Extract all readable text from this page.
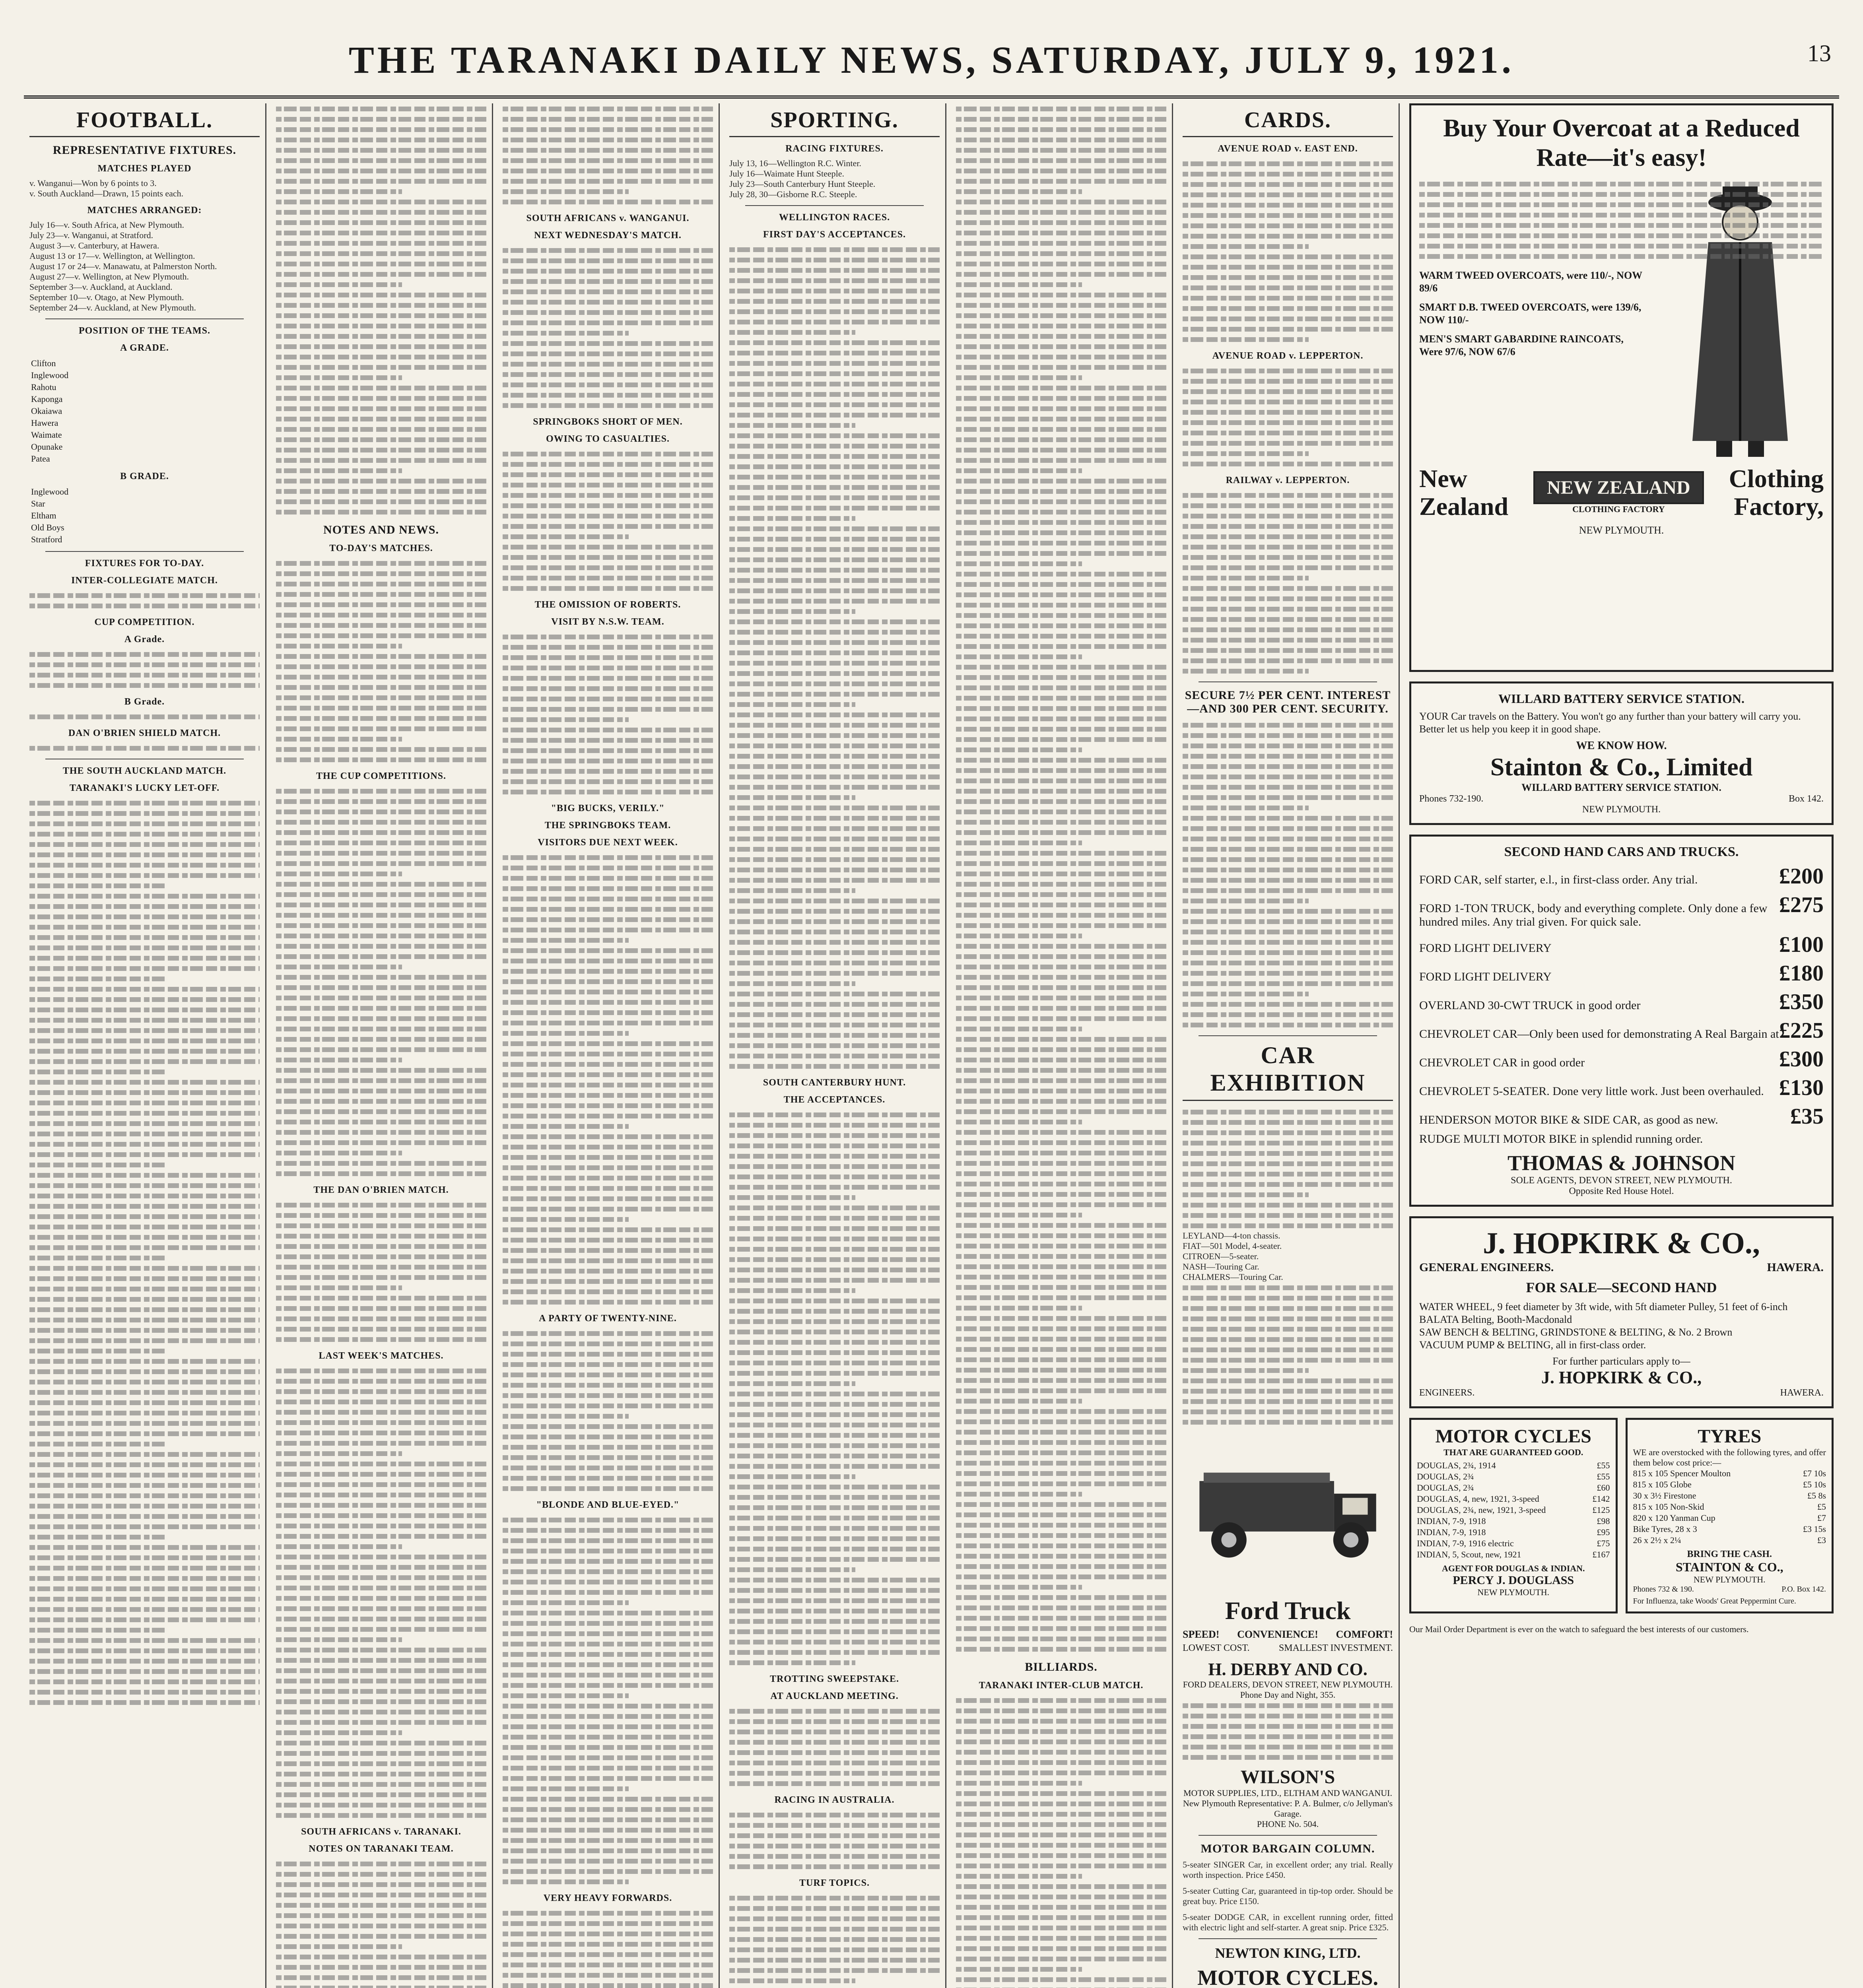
THE TARANAKI DAILY NEWS, SATURDAY, JULY 9, 1921.	13
FOOTBALL.
REPRESENTATIVE FIXTURES.
MATCHES PLAYED
v. Wanganui—Won by 6 points to 3.
v. South Auckland—Drawn, 15 points each.
MATCHES ARRANGED:
July 16—v. South Africa, at New Plymouth.
July 23—v. Wanganui, at Stratford.
August 3—v. Canterbury, at Hawera.
August 13 or 17—v. Wellington, at Wellington.
August 17 or 24—v. Manawatu, at Palmerston North.
August 27—v. Wellington, at New Plymouth.
September 3—v. Auckland, at Auckland.
September 10—v. Otago, at New Plymouth.
September 24—v. Auckland, at New Plymouth.
POSITION OF THE TEAMS.
A GRADE.
Clifton
Inglewood
Rahotu
Kaponga
Okaiawa
Hawera
Waimate
Opunake
Patea
B GRADE.
Inglewood
Star
Eltham
Old Boys
Stratford
FIXTURES FOR TO-DAY.
INTER-COLLEGIATE MATCH.
CUP COMPETITION.
A Grade.
B Grade.
DAN O'BRIEN SHIELD MATCH.
THE SOUTH AUCKLAND MATCH.
TARANAKI'S LUCKY LET-OFF.
NOTES AND NEWS.
TO-DAY'S MATCHES.
THE CUP COMPETITIONS.
THE DAN O'BRIEN MATCH.
LAST WEEK'S MATCHES.
SOUTH AFRICANS v. TARANAKI.
NOTES ON TARANAKI TEAM.
SOUTH AFRICANS v. WANGANUI.
NEXT WEDNESDAY'S MATCH.
SPRINGBOKS SHORT OF MEN.
OWING TO CASUALTIES.
THE OMISSION OF ROBERTS.
VISIT BY N.S.W. TEAM.
"BIG BUCKS, VERILY."
THE SPRINGBOKS TEAM.
VISITORS DUE NEXT WEEK.
A PARTY OF TWENTY-NINE.
"BLONDE AND BLUE-EYED."
VERY HEAVY FORWARDS.
SPORTING.
RACING FIXTURES.
July 13, 16—Wellington R.C. Winter.
July 16—Waimate Hunt Steeple.
July 23—South Canterbury Hunt Steeple.
July 28, 30—Gisborne R.C. Steeple.
WELLINGTON RACES.
FIRST DAY'S ACCEPTANCES.
SOUTH CANTERBURY HUNT.
THE ACCEPTANCES.
TROTTING SWEEPSTAKE.
AT AUCKLAND MEETING.
RACING IN AUSTRALIA.
TURF TOPICS.
BILLIARDS.
TARANAKI INTER-CLUB MATCH.
CARDS.
AVENUE ROAD v. EAST END.
AVENUE ROAD v. LEPPERTON.
RAILWAY v. LEPPERTON.
SECURE 7½ PER CENT. INTEREST—AND 300 PER CENT. SECURITY.
CAR EXHIBITION
LEYLAND—4-ton chassis.
FIAT—501 Model, 4-seater.
CITROEN—5-seater.
NASH—Touring Car.
CHALMERS—Touring Car.
Ford Truck
SPEED! CONVENIENCE! COMFORT!
LOWEST COST.	SMALLEST INVESTMENT.
H. DERBY AND CO.
FORD DEALERS, DEVON STREET, NEW PLYMOUTH.
Phone Day and Night, 355.
WILSON'S
MOTOR SUPPLIES, LTD., ELTHAM AND WANGANUI.
New Plymouth Representative: P. A. Bulmer, c/o Jellyman's Garage.
PHONE No. 504.
MOTOR BARGAIN COLUMN.
5-seater SINGER Car, in excellent order; any trial. Really worth inspection. Price £450.
5-seater Cutting Car, guaranteed in tip-top order. Should be great buy. Price £150.
5-seater DODGE CAR, in excellent running order, fitted with electric light and self-starter. A great snip. Price £325.
NEWTON KING, LTD.
MOTOR CYCLES.
Buy Your Overcoat at a Reduced Rate—it's easy!
WARM TWEED OVERCOATS, were 110/-, NOW 89/6
SMART D.B. TWEED OVERCOATS, were 139/6, NOW 110/-
MEN'S SMART GABARDINE RAINCOATS, Were 97/6, NOW 67/6
New
Zealand
NEW ZEALAND
CLOTHING FACTORY
Clothing
Factory,
NEW PLYMOUTH.
WILLARD BATTERY SERVICE STATION.
YOUR Car travels on the Battery. You won't go any further than your battery will carry you. Better let us help you keep it in good shape.
WE KNOW HOW.
Stainton & Co., Limited
WILLARD BATTERY SERVICE STATION.
Phones 732-190.	Box 142.
NEW PLYMOUTH.
SECOND HAND CARS AND TRUCKS.
FORD CAR, self starter, e.l., in first-class order. Any trial.	£200
FORD 1-TON TRUCK, body and everything complete. Only done a few hundred miles. Any trial given. For quick sale.
£275
FORD LIGHT DELIVERY	£100
FORD LIGHT DELIVERY	£180
OVERLAND 30-CWT TRUCK in good order	£350
CHEVROLET CAR—Only been used for demonstrating A Real Bargain at £225
CHEVROLET CAR in good order	£300
CHEVROLET 5-SEATER. Done very little work. Just been overhauled. £130
HENDERSON MOTOR BIKE & SIDE CAR, as good as new.	£35
RUDGE MULTI MOTOR BIKE in splendid running order.
THOMAS & JOHNSON
SOLE AGENTS, DEVON STREET, NEW PLYMOUTH.
Opposite Red House Hotel.
J. HOPKIRK & CO.,
GENERAL ENGINEERS.	HAWERA.
FOR SALE—SECOND HAND
WATER WHEEL, 9 feet diameter by 3ft wide, with 5ft diameter Pulley, 51 feet of 6-inch BALATA Belting, Booth-Macdonald
SAW BENCH & BELTING, GRINDSTONE & BELTING, & No. 2 Brown
VACUUM PUMP & BELTING, all in first-class order.
For further particulars apply to—
J. HOPKIRK & CO.,
ENGINEERS.	HAWERA.
MOTOR CYCLES
THAT ARE GUARANTEED GOOD.
DOUGLAS, 2¾, 1914	£55
DOUGLAS, 2¾	£55
DOUGLAS, 2¾	£60
DOUGLAS, 4, new, 1921, 3-speed	£142
DOUGLAS, 2¾, new, 1921, 3-speed	£125
INDIAN, 7-9, 1918	£98
INDIAN, 7-9, 1918	£95
INDIAN, 7-9, 1916 electric	£75
INDIAN, 5, Scout, new, 1921	£167
AGENT FOR DOUGLAS & INDIAN.
PERCY J. DOUGLASS
NEW PLYMOUTH.
TYRES
WE are overstocked with the following tyres, and offer them below cost price:—
815 x 105 Spencer Moulton	£7 10s
815 x 105 Globe	£5 10s
30 x 3½ Firestone	£5 8s
815 x 105 Non-Skid	£5
820 x 120 Yanman Cup	£7
Bike Tyres, 28 x 3	£3 15s
26 x 2½ x 2¼	£3
BRING THE CASH.
STAINTON & CO.,
NEW PLYMOUTH.
Phones 732 & 190.	P.O. Box 142.
For Influenza, take Woods' Great Peppermint Cure.
Our Mail Order Department is ever on the watch to safeguard the best interests of our customers.
